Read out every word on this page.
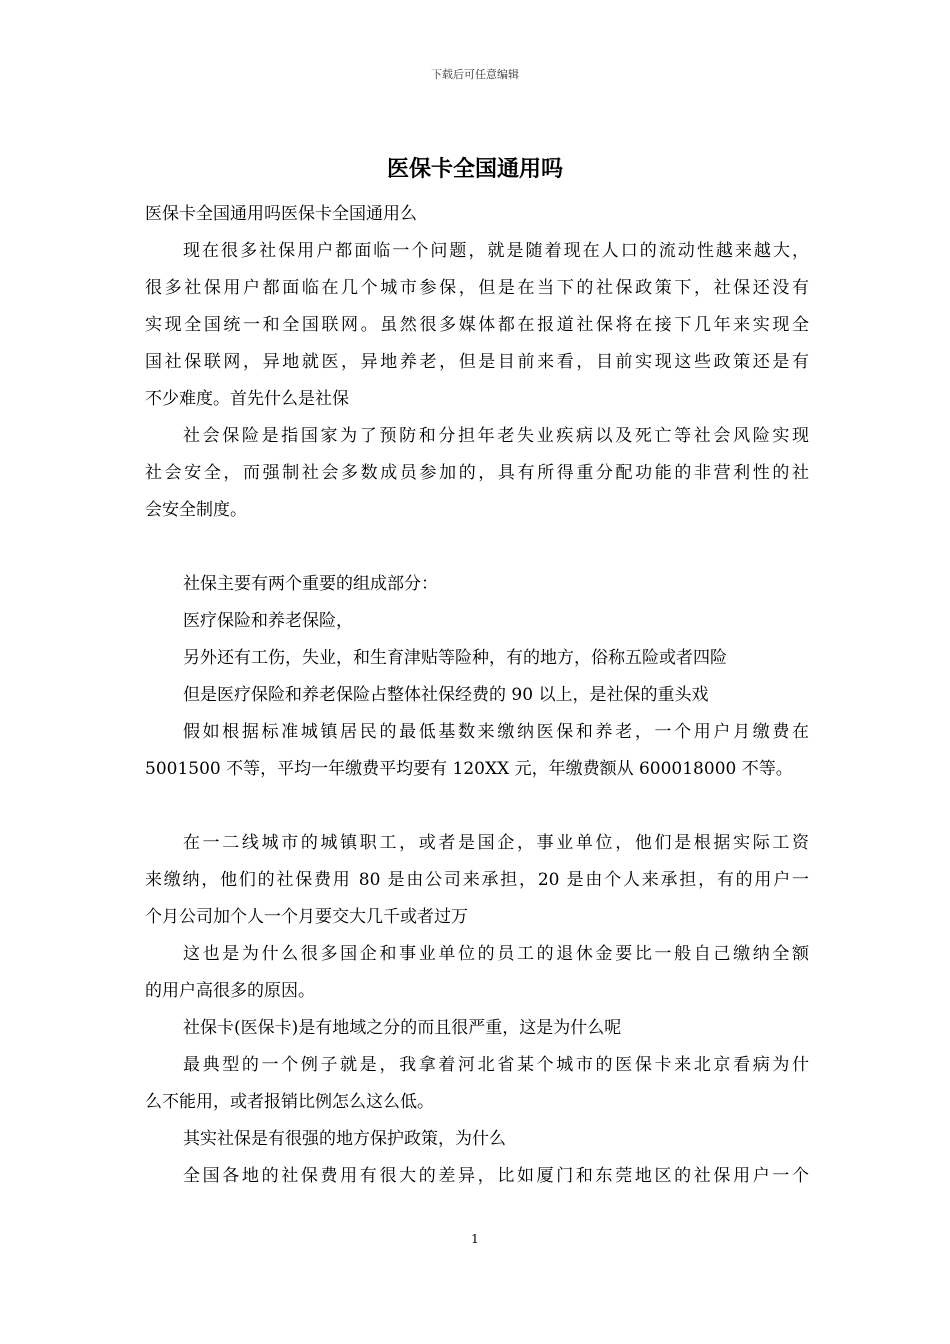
下载后可任意编辑
医保卡全国通用吗
医保卡全国通用吗医保卡全国通用么
现在很多社保用户都面临一个问题，就是随着现在人口的流动性越来越大，
很多社保用户都面临在几个城市参保，但是在当下的社保政策下，社保还没有
实现全国统一和全国联网。虽然很多媒体都在报道社保将在接下几年来实现全
国社保联网，异地就医，异地养老，但是目前来看，目前实现这些政策还是有
不少难度。首先什么是社保
社会保险是指国家为了预防和分担年老失业疾病以及死亡等社会风险实现
社会安全，而强制社会多数成员参加的，具有所得重分配功能的非营利性的社
会安全制度。
社保主要有两个重要的组成部分：
医疗保险和养老保险，
另外还有工伤，失业，和生育津贴等险种，有的地方，俗称五险或者四险
但是医疗保险和养老保险占整体社保经费的 90 以上，是社保的重头戏
假如根据标准城镇居民的最低基数来缴纳医保和养老，一个用户月缴费在
5001500 不等，平均一年缴费平均要有 120XX 元，年缴费额从 600018000 不等。
在一二线城市的城镇职工，或者是国企，事业单位，他们是根据实际工资
来缴纳，他们的社保费用 80 是由公司来承担，20 是由个人来承担，有的用户一
个月公司加个人一个月要交大几千或者过万
这也是为什么很多国企和事业单位的员工的退休金要比一般自己缴纳全额
的用户高很多的原因。
社保卡(医保卡)是有地域之分的而且很严重，这是为什么呢
最典型的一个例子就是，我拿着河北省某个城市的医保卡来北京看病为什
么不能用，或者报销比例怎么这么低。
其实社保是有很强的地方保护政策，为什么
全国各地的社保费用有很大的差异，比如厦门和东莞地区的社保用户一个
1
